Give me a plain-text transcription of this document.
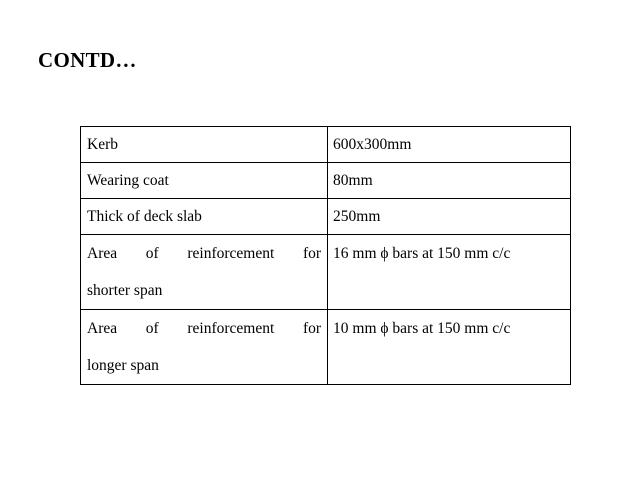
CONTD…
Kerb	600x300mm
Wearing coat	80mm
Thick of deck slab	250mm

Area of reinforcement for
shorter span	16 mm ϕ bars at 150 mm c/c

Area of reinforcement for
longer span	10 mm ϕ bars at 150 mm c/c
